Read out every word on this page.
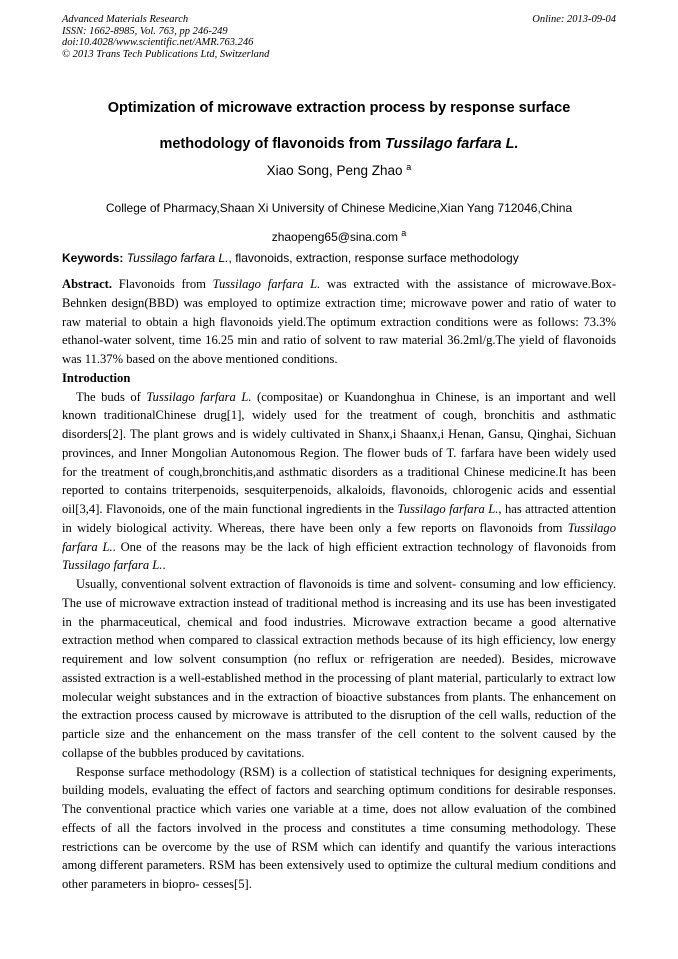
Advanced Materials Research
ISSN: 1662-8985, Vol. 763, pp 246-249
doi:10.4028/www.scientific.net/AMR.763.246
© 2013 Trans Tech Publications Ltd, Switzerland
Online: 2013-09-04
Optimization of microwave extraction process by response surface
methodology of flavonoids from Tussilago farfara L.
Xiao Song, Peng Zhao $^a$
College of Pharmacy,Shaan Xi University of Chinese Medicine,Xian Yang 712046,China
zhaopeng65@sina.com $^a$
Keywords: Tussilago farfara L., flavonoids, extraction, response surface methodology

Abstract. Flavonoids from Tussilago farfara L. was extracted with the assistance of microwave.Box-Behnken design(BBD) was employed to optimize extraction time; microwave power and ratio of water to raw material to obtain a high flavonoids yield.The optimum extraction conditions were as follows: 73.3% ethanol-water solvent, time 16.25 min and ratio of solvent to raw material 36.2ml/g.The yield of flavonoids was 11.37% based on the above mentioned conditions.

Introduction

The buds of Tussilago farfara L. (compositae) or Kuandonghua in Chinese, is an important and well known traditionalChinese drug[1], widely used for the treatment of cough, bronchitis and asthmatic disorders[2]. The plant grows and is widely cultivated in Shanx,i Shaanx,i Henan, Gansu, Qinghai, Sichuan provinces, and Inner Mongolian Autonomous Region. The flower buds of T. farfara have been widely used for the treatment of cough,bronchitis,and asthmatic disorders as a traditional Chinese medicine.It has been reported to contains triterpenoids, sesquiterpenoids, alkaloids, flavonoids, chlorogenic acids and essential oil[3,4]. Flavonoids, one of the main functional ingredients in the Tussilago farfara L., has attracted attention in widely biological activity. Whereas, there have been only a few reports on flavonoids from Tussilago farfara L.. One of the reasons may be the lack of high efficient extraction technology of flavonoids from Tussilago farfara L..

Usually, conventional solvent extraction of flavonoids is time and solvent- consuming and low efficiency. The use of microwave extraction instead of traditional method is increasing and its use has been investigated in the pharmaceutical, chemical and food industries. Microwave extraction became a good alternative extraction method when compared to classical extraction methods because of its high efficiency, low energy requirement and low solvent consumption (no reflux or refrigeration are needed). Besides, microwave assisted extraction is a well-established method in the processing of plant material, particularly to extract low molecular weight substances and in the extraction of bioactive substances from plants. The enhancement on the extraction process caused by microwave is attributed to the disruption of the cell walls, reduction of the particle size and the enhancement on the mass transfer of the cell content to the solvent caused by the collapse of the bubbles produced by cavitations.

Response surface methodology (RSM) is a collection of statistical techniques for designing experiments, building models, evaluating the effect of factors and searching optimum conditions for desirable responses. The conventional practice which varies one variable at a time, does not allow evaluation of the combined effects of all the factors involved in the process and constitutes a time consuming methodology. These restrictions can be overcome by the use of RSM which can identify and quantify the various interactions among different parameters. RSM has been extensively used to optimize the cultural medium conditions and other parameters in biopro- cesses[5].
